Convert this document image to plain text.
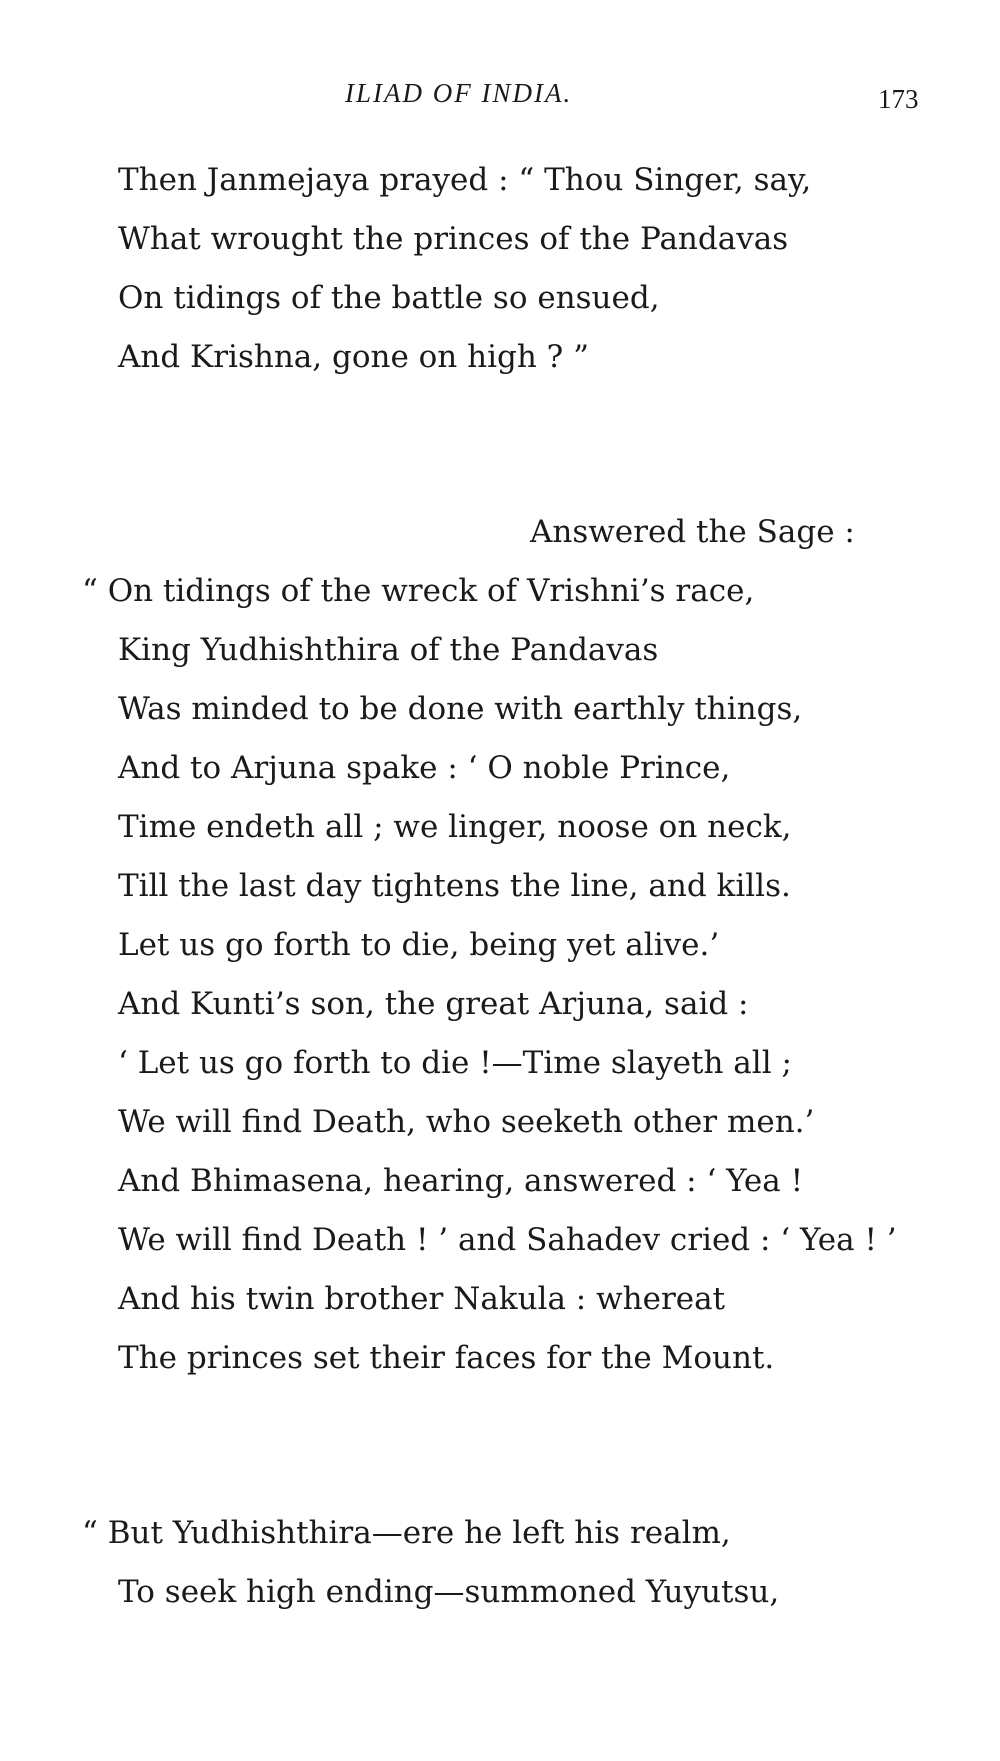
ILIAD OF INDIA.	173
Then Janmejaya prayed : “ Thou Singer, say,
What wrought the princes of the Pandavas
On tidings of the battle so ensued,
And Krishna, gone on high ? ”
Answered the Sage :
“ On tidings of the wreck of Vrishni’s race,
King Yudhishthira of the Pandavas
Was minded to be done with earthly things,
And to Arjuna spake : ‘ O noble Prince,
Time endeth all ; we linger, noose on neck,
Till the last day tightens the line, and kills.
Let us go forth to die, being yet alive.’
And Kunti’s son, the great Arjuna, said :
‘ Let us go forth to die !—Time slayeth all ;
We will find Death, who seeketh other men.’
And Bhimasena, hearing, answered : ‘ Yea !
We will find Death ! ’ and Sahadev cried : ‘ Yea ! ’
And his twin brother Nakula : whereat
The princes set their faces for the Mount.
“ But Yudhishthira—ere he left his realm,
To seek high ending—summoned Yuyutsu,
